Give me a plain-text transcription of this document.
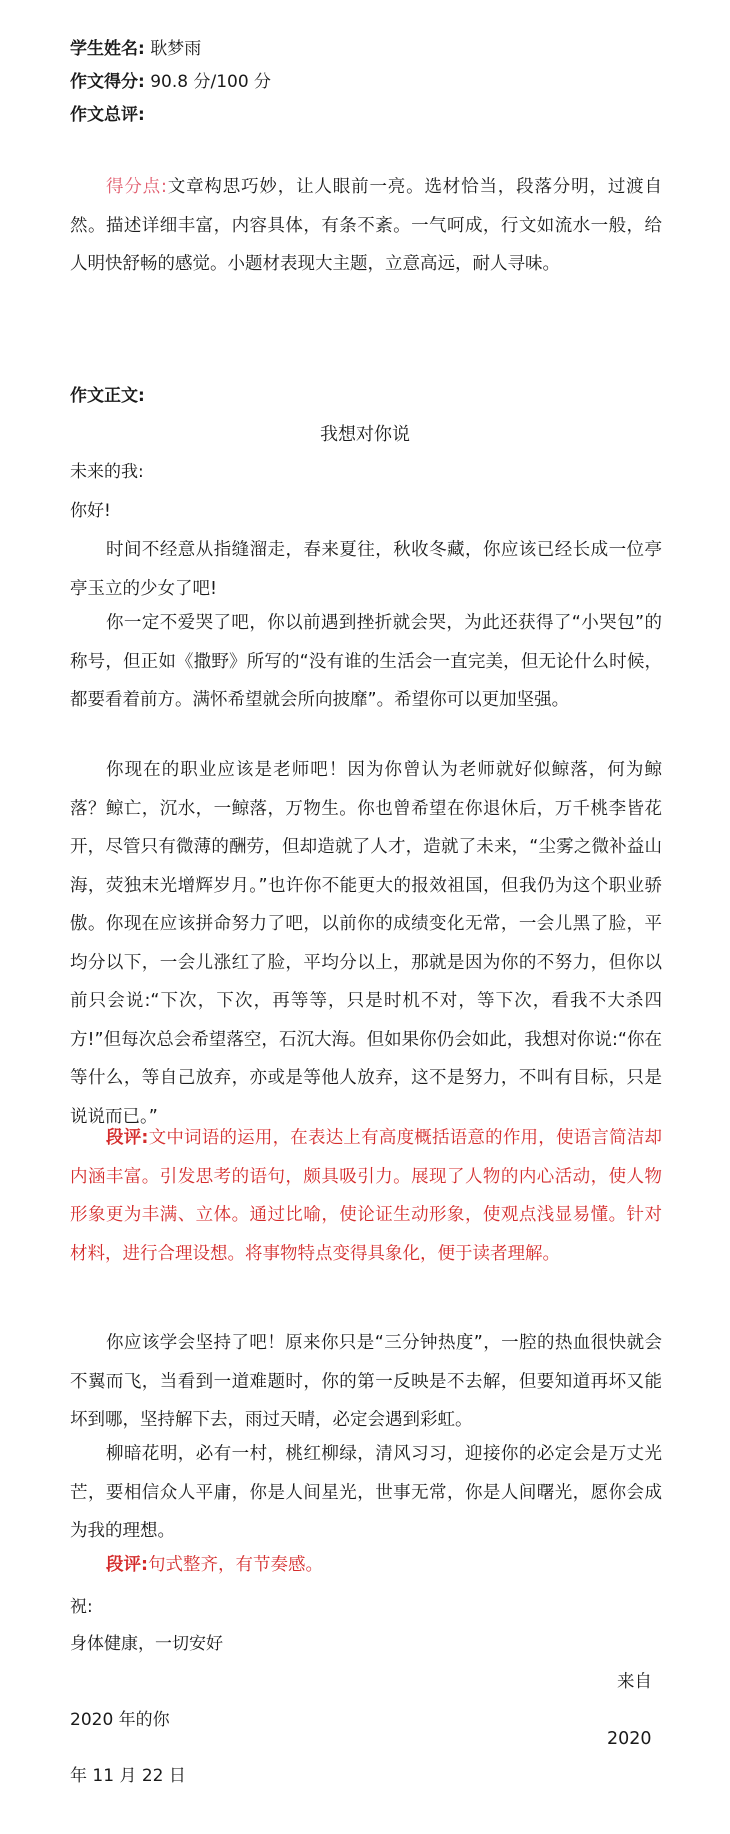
学生姓名: 耿梦雨
作文得分: 90.8 分/100 分
作文总评:

得分点:文章构思巧妙，让人眼前一亮。选材恰当，段落分明，过渡自然。描述详细丰富，内容具体，有条不紊。一气呵成，行文如流水一般，给人明快舒畅的感觉。小题材表现大主题，立意高远，耐人寻味。

作文正文:
我想对你说
未来的我:
你好!

时间不经意从指缝溜走，春来夏往，秋收冬藏，你应该已经长成一位亭亭玉立的少女了吧!

你一定不爱哭了吧，你以前遇到挫折就会哭，为此还获得了“小哭包”的称号，但正如《撒野》所写的“没有谁的生活会一直完美，但无论什么时候，都要看着前方。满怀希望就会所向披靡”。希望你可以更加坚强。

你现在的职业应该是老师吧！因为你曾认为老师就好似鲸落，何为鲸落？鲸亡，沉水，一鲸落，万物生。你也曾希望在你退休后，万千桃李皆花开，尽管只有微薄的酬劳，但却造就了人才，造就了未来，“尘雾之微补益山海，荧独末光增辉岁月。”也许你不能更大的报效祖国，但我仍为这个职业骄傲。你现在应该拼命努力了吧，以前你的成绩变化无常，一会儿黑了脸，平均分以下，一会儿涨红了脸，平均分以上，那就是因为你的不努力，但你以前只会说:“下次，下次，再等等，只是时机不对，等下次，看我不大杀四方!”但每次总会希望落空，石沉大海。但如果你仍会如此，我想对你说:“你在等什么，等自己放弃，亦或是等他人放弃，这不是努力，不叫有目标，只是说说而已。”

段评:文中词语的运用，在表达上有高度概括语意的作用，使语言简洁却内涵丰富。引发思考的语句，颇具吸引力。展现了人物的内心活动，使人物形象更为丰满、立体。通过比喻，使论证生动形象，使观点浅显易懂。针对材料，进行合理设想。将事物特点变得具象化，便于读者理解。

你应该学会坚持了吧！原来你只是“三分钟热度”，一腔的热血很快就会不翼而飞，当看到一道难题时，你的第一反映是不去解，但要知道再坏又能坏到哪，坚持解下去，雨过天晴，必定会遇到彩虹。

柳暗花明，必有一村，桃红柳绿，清风习习，迎接你的必定会是万丈光芒，要相信众人平庸，你是人间星光，世事无常，你是人间曙光，愿你会成为我的理想。

段评:句式整齐，有节奏感。

祝:
身体健康，一切安好
来自
2020 年的你
2020
年 11 月 22 日
